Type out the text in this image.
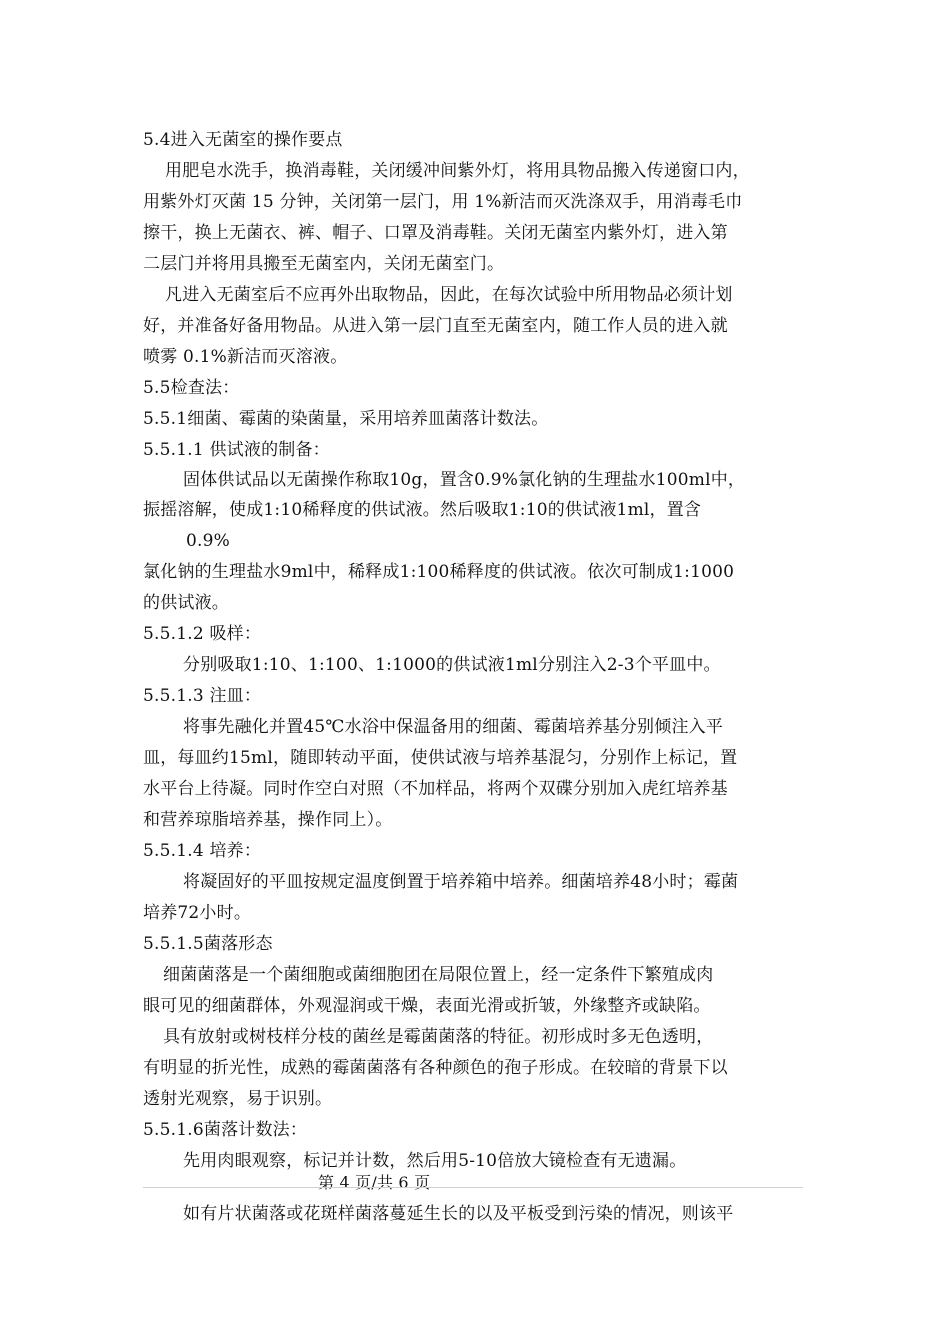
5.4进入无菌室的操作要点
用肥皂水洗手，换消毒鞋，关闭缓冲间紫外灯，将用具物品搬入传递窗口内，
用紫外灯灭菌 15 分钟，关闭第一层门，用 1%新洁而灭洗涤双手，用消毒毛巾
擦干，换上无菌衣、裤、帽子、口罩及消毒鞋。关闭无菌室内紫外灯，进入第
二层门并将用具搬至无菌室内，关闭无菌室门。
凡进入无菌室后不应再外出取物品，因此，在每次试验中所用物品必须计划
好，并准备好备用物品。从进入第一层门直至无菌室内，随工作人员的进入就
喷雾 0.1%新洁而灭溶液。
5.5检查法：
5.5.1细菌、霉菌的染菌量，采用培养皿菌落计数法。
5.5.1.1 供试液的制备：
固体供试品以无菌操作称取10g，置含0.9%氯化钠的生理盐水100ml中，
振摇溶解，使成1:10稀释度的供试液。然后吸取1:10的供试液1ml，置含
0.9%
氯化钠的生理盐水9ml中，稀释成1:100稀释度的供试液。依次可制成1:1000
的供试液。
5.5.1.2 吸样：
分别吸取1:10、1:100、1:1000的供试液1ml分别注入2-3个平皿中。
5.5.1.3 注皿：
将事先融化并置45℃水浴中保温备用的细菌、霉菌培养基分别倾注入平
皿，每皿约15ml，随即转动平面，使供试液与培养基混匀，分别作上标记，置
水平台上待凝。同时作空白对照（不加样品，将两个双碟分别加入虎红培养基
和营养琼脂培养基，操作同上）。
5.5.1.4 培养：
将凝固好的平皿按规定温度倒置于培养箱中培养。细菌培养48小时；霉菌
培养72小时。
5.5.1.5菌落形态
细菌菌落是一个菌细胞或菌细胞团在局限位置上，经一定条件下繁殖成肉
眼可见的细菌群体，外观湿润或干燥，表面光滑或折皱，外缘整齐或缺陷。
具有放射或树枝样分枝的菌丝是霉菌菌落的特征。初形成时多无色透明，
有明显的折光性，成熟的霉菌菌落有各种颜色的孢子形成。在较暗的背景下以
透射光观察，易于识别。
5.5.1.6菌落计数法：
先用肉眼观察，标记并计数，然后用5-10倍放大镜检查有无遗漏。
第 4 页/共 6 页
如有片状菌落或花斑样菌落蔓延生长的以及平板受到污染的情况，则该平
